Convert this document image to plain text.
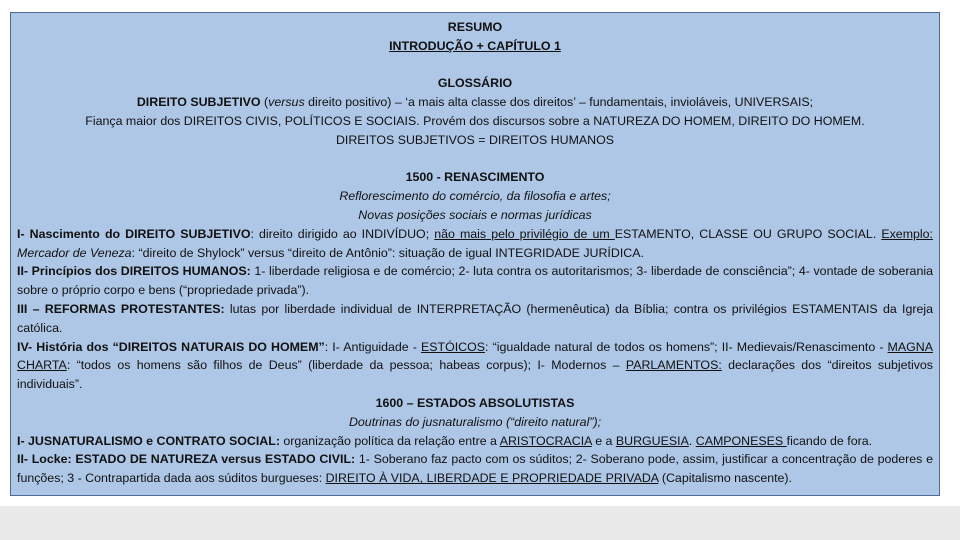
RESUMO

INTRODUÇÃO + CAPÍTULO 1

GLOSSÁRIO

DIREITO SUBJETIVO (versus direito positivo) – ‘a mais alta classe dos direitos’ – fundamentais, invioláveis, UNIVERSAIS;

Fiança maior dos DIREITOS CIVIS, POLÍTICOS E SOCIAIS. Provém dos discursos sobre a NATUREZA DO HOMEM, DIREITO DO HOMEM.

DIREITOS SUBJETIVOS = DIREITOS HUMANOS

1500 - RENASCIMENTO

Reflorescimento do comércio, da filosofia e artes;

Novas posições sociais e normas jurídicas

I- Nascimento do DIREITO SUBJETIVO: direito dirigido ao INDIVÍDUO; não mais pelo privilégio de um ESTAMENTO, CLASSE OU GRUPO SOCIAL. Exemplo: Mercador de Veneza: “direito de Shylock” versus “direito de Antônio”: situação de igual INTEGRIDADE JURÍDICA.

II- Princípios dos DIREITOS HUMANOS: 1- liberdade religiosa e de comércio; 2- luta contra os autoritarismos; 3- liberdade de consciência”; 4- vontade de soberania sobre o próprio corpo e bens (“propriedade privada”).

III – REFORMAS PROTESTANTES: lutas por liberdade individual de INTERPRETAÇÃO (hermenêutica) da Bíblia; contra os privilégios ESTAMENTAIS da Igreja católica.

IV- História dos “DIREITOS NATURAIS DO HOMEM”: I- Antiguidade - ESTÓICOS: “igualdade natural de todos os homens”; II- Medievais/Renascimento - MAGNA CHARTA: “todos os homens são filhos de Deus” (liberdade da pessoa; habeas corpus); I- Modernos – PARLAMENTOS: declarações dos “direitos subjetivos individuais”.

1600 – ESTADOS ABSOLUTISTAS

Doutrinas do jusnaturalismo (“direito natural”);

I- JUSNATURALISMO e CONTRATO SOCIAL: organização política da relação entre a ARISTOCRACIA e a BURGUESIA. CAMPONESES ficando de fora.

II- Locke: ESTADO DE NATUREZA versus ESTADO CIVIL: 1- Soberano faz pacto com os súditos; 2- Soberano pode, assim, justificar a concentração de poderes e funções; 3 - Contrapartida dada aos súditos burgueses: DIREITO À VIDA, LIBERDADE E PROPRIEDADE PRIVADA (Capitalismo nascente).
